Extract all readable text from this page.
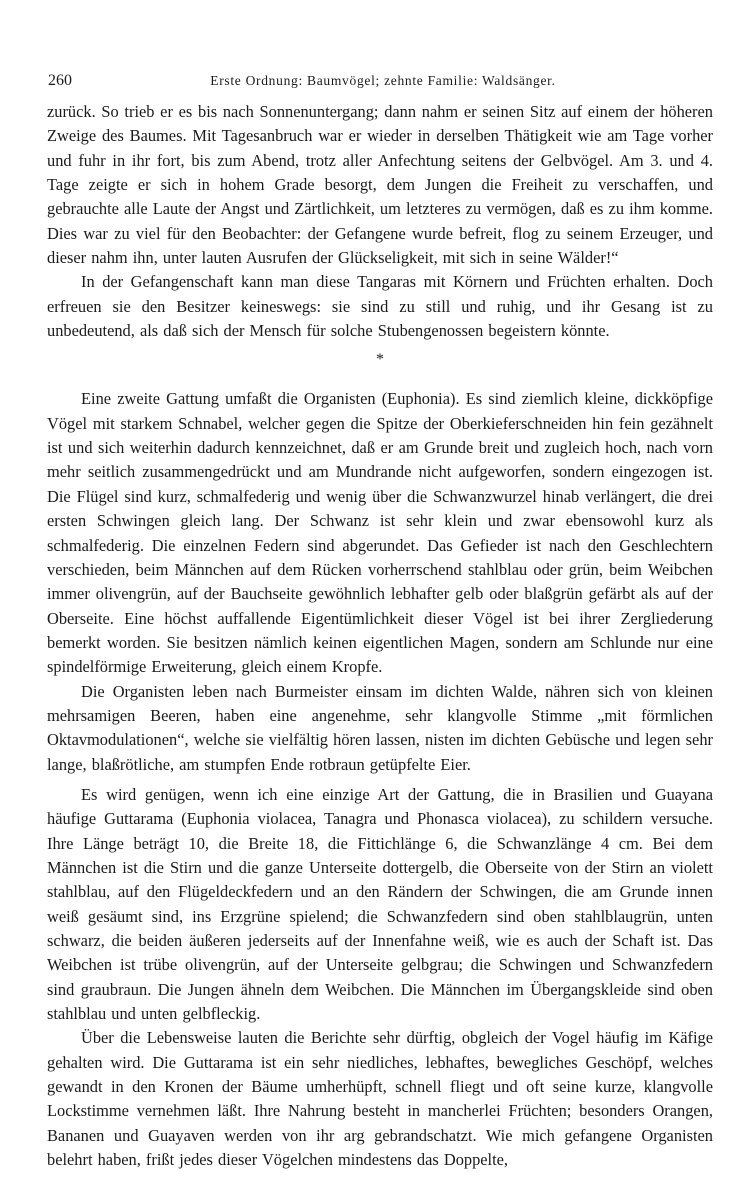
260	Erste Ordnung: Baumvögel; zehnte Familie: Waldsänger.

zurück. So trieb er es bis nach Sonnenuntergang; dann nahm er seinen Sitz auf einem der höheren Zweige des Baumes. Mit Tagesanbruch war er wieder in derselben Thätigkeit wie am Tage vorher und fuhr in ihr fort, bis zum Abend, trotz aller Anfechtung seitens der Gelbvögel. Am 3. und 4. Tage zeigte er sich in hohem Grade besorgt, dem Jungen die Freiheit zu verschaffen, und gebrauchte alle Laute der Angst und Zärtlichkeit, um letzteres zu vermögen, daß es zu ihm komme. Dies war zu viel für den Beobachter: der Gefangene wurde befreit, flog zu seinem Erzeuger, und dieser nahm ihn, unter lauten Ausrufen der Glückseligkeit, mit sich in seine Wälder!“

In der Gefangenschaft kann man diese Tangaras mit Körnern und Früchten erhalten. Doch erfreuen sie den Besitzer keineswegs: sie sind zu still und ruhig, und ihr Gesang ist zu unbedeutend, als daß sich der Mensch für solche Stubengenossen begeistern könnte.

*

Eine zweite Gattung umfaßt die Organisten (Euphonia). Es sind ziemlich kleine, dickköpfige Vögel mit starkem Schnabel, welcher gegen die Spitze der Oberkieferschneiden hin fein gezähnelt ist und sich weiterhin dadurch kennzeichnet, daß er am Grunde breit und zugleich hoch, nach vorn mehr seitlich zusammengedrückt und am Mundrande nicht aufgeworfen, sondern eingezogen ist. Die Flügel sind kurz, schmalfederig und wenig über die Schwanzwurzel hinab verlängert, die drei ersten Schwingen gleich lang. Der Schwanz ist sehr klein und zwar ebensowohl kurz als schmalfederig. Die einzelnen Federn sind abgerundet. Das Gefieder ist nach den Geschlechtern verschieden, beim Männchen auf dem Rücken vorherrschend stahlblau oder grün, beim Weibchen immer olivengrün, auf der Bauchseite gewöhnlich lebhafter gelb oder blaßgrün gefärbt als auf der Oberseite. Eine höchst auffallende Eigentümlichkeit dieser Vögel ist bei ihrer Zergliederung bemerkt worden. Sie besitzen nämlich keinen eigentlichen Magen, sondern am Schlunde nur eine spindelförmige Erweiterung, gleich einem Kropfe.

Die Organisten leben nach Burmeister einsam im dichten Walde, nähren sich von kleinen mehrsamigen Beeren, haben eine angenehme, sehr klangvolle Stimme „mit förmlichen Oktavmodulationen“, welche sie vielfältig hören lassen, nisten im dichten Gebüsche und legen sehr lange, blaßrötliche, am stumpfen Ende rotbraun getüpfelte Eier.

Es wird genügen, wenn ich eine einzige Art der Gattung, die in Brasilien und Guayana häufige Guttarama (Euphonia violacea, Tanagra und Phonasca violacea), zu schildern versuche. Ihre Länge beträgt 10, die Breite 18, die Fittichlänge 6, die Schwanzlänge 4 cm. Bei dem Männchen ist die Stirn und die ganze Unterseite dottergelb, die Oberseite von der Stirn an violett stahlblau, auf den Flügeldeckfedern und an den Rändern der Schwingen, die am Grunde innen weiß gesäumt sind, ins Erzgrüne spielend; die Schwanzfedern sind oben stahlblaugrün, unten schwarz, die beiden äußeren jederseits auf der Innenfahne weiß, wie es auch der Schaft ist. Das Weibchen ist trübe olivengrün, auf der Unterseite gelbgrau; die Schwingen und Schwanzfedern sind graubraun. Die Jungen ähneln dem Weibchen. Die Männchen im Übergangskleide sind oben stahlblau und unten gelbfleckig.

Über die Lebensweise lauten die Berichte sehr dürftig, obgleich der Vogel häufig im Käfige gehalten wird. Die Guttarama ist ein sehr niedliches, lebhaftes, bewegliches Geschöpf, welches gewandt in den Kronen der Bäume umherhüpft, schnell fliegt und oft seine kurze, klangvolle Lockstimme vernehmen läßt. Ihre Nahrung besteht in mancherlei Früchten; besonders Orangen, Bananen und Guayaven werden von ihr arg gebrandschatzt. Wie mich gefangene Organisten belehrt haben, frißt jedes dieser Vögelchen mindestens das Doppelte,
